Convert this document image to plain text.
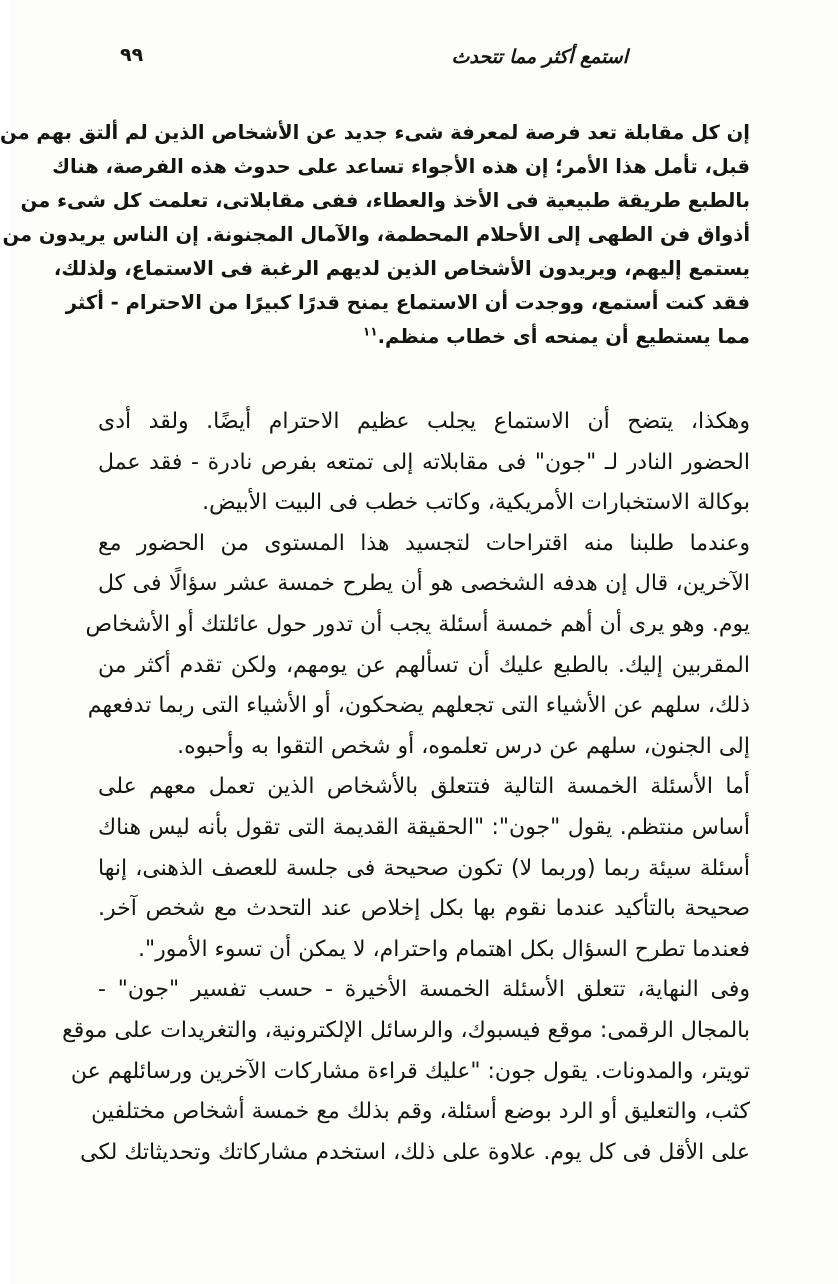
٩٩	استمع أكثر مما تتحدث
إن كل مقابلة تعد فرصة لمعرفة شىء جديد عن الأشخاص الذين لم ألتق بهم من
قبل، تأمل هذا الأمر؛ إن هذه الأجواء تساعد على حدوث هذه الفرصة، هناك
بالطبع طريقة طبيعية فى الأخذ والعطاء، ففى مقابلاتى، تعلمت كل شىء من
أذواق فن الطهى إلى الأحلام المحطمة، والآمال المجنونة. إن الناس يريدون من
يستمع إليهم، ويريدون الأشخاص الذين لديهم الرغبة فى الاستماع، ولذلك،
فقد كنت أستمع، ووجدت أن الاستماع يمنح قدرًا كبيرًا من الاحترام - أكثر
مما يستطيع أن يمنحه أى خطاب منظم.$^{١١}$
وهكذا، يتضح أن الاستماع يجلب عظيم الاحترام أيضًا. ولقد أدى
الحضور النادر لـ "جون" فى مقابلاته إلى تمتعه بفرص نادرة - فقد عمل
بوكالة الاستخبارات الأمريكية، وكاتب خطب فى البيت الأبيض.
وعندما طلبنا منه اقتراحات لتجسيد هذا المستوى من الحضور مع
الآخرين، قال إن هدفه الشخصى هو أن يطرح خمسة عشر سؤالًا فى كل
يوم. وهو يرى أن أهم خمسة أسئلة يجب أن تدور حول عائلتك أو الأشخاص
المقربين إليك. بالطبع عليك أن تسألهم عن يومهم، ولكن تقدم أكثر من
ذلك، سلهم عن الأشياء التى تجعلهم يضحكون، أو الأشياء التى ربما تدفعهم
إلى الجنون، سلهم عن درس تعلموه، أو شخص التقوا به وأحبوه.
أما الأسئلة الخمسة التالية فتتعلق بالأشخاص الذين تعمل معهم على
أساس منتظم. يقول "جون": "الحقيقة القديمة التى تقول بأنه ليس هناك
أسئلة سيئة ربما (وربما لا) تكون صحيحة فى جلسة للعصف الذهنى، إنها
صحيحة بالتأكيد عندما نقوم بها بكل إخلاص عند التحدث مع شخص آخر.
فعندما تطرح السؤال بكل اهتمام واحترام، لا يمكن أن تسوء الأمور".
وفى النهاية، تتعلق الأسئلة الخمسة الأخيرة - حسب تفسير "جون" -
بالمجال الرقمى: موقع فيسبوك، والرسائل الإلكترونية، والتغريدات على موقع
تويتر، والمدونات. يقول جون: "عليك قراءة مشاركات الآخرين ورسائلهم عن
كثب، والتعليق أو الرد بوضع أسئلة، وقم بذلك مع خمسة أشخاص مختلفين
على الأقل فى كل يوم. علاوة على ذلك، استخدم مشاركاتك وتحديثاتك لكى
